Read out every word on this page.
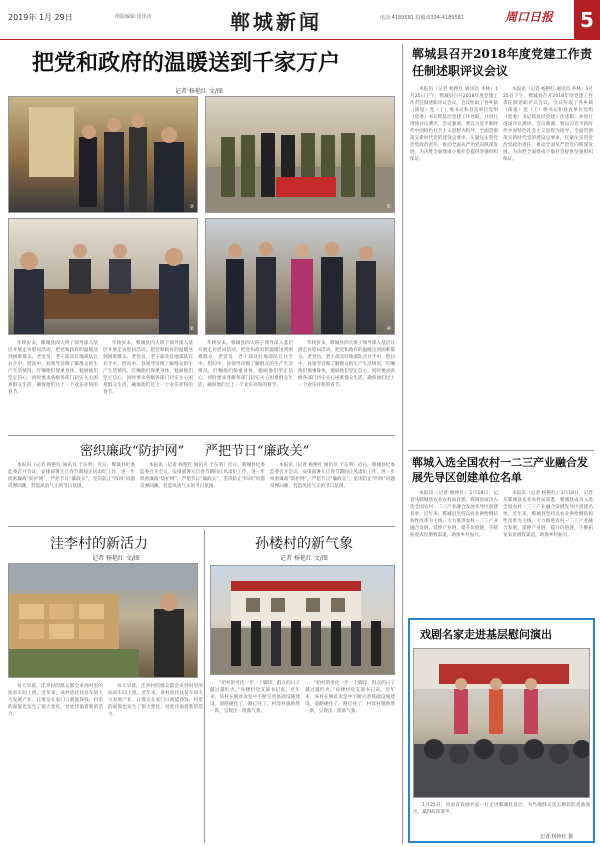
2019年 1月 29日	组版编辑:张伟涛	郸城新闻	电话:4189581 投稿:0394-4189581	周口日报	5
把党和政府的温暖送到千家万户
记者 杨艳红 文/图
③	①
②	④

年终岁末，郸城县四大班子领导深入基层开展走访慰问活动，把党和政府的温暖送到困难群众、老党员、老干部及驻地部队官兵手中。慰问中，县领导详细了解群众的生产生活情况，叮嘱他们保重身体，勉励他们坚定信心，同时要求各级各部门切实关心困难群众生活，确保他们过上一个欢乐祥和的春节。

年终岁末，郸城县四大班子领导深入基层开展走访慰问活动，把党和政府的温暖送到困难群众、老党员、老干部及驻地部队官兵手中。慰问中，县领导详细了解群众的生产生活情况，叮嘱他们保重身体，勉励他们坚定信心，同时要求各级各部门切实关心困难群众生活，确保他们过上一个欢乐祥和的春节。

年终岁末，郸城县四大班子领导深入基层开展走访慰问活动，把党和政府的温暖送到困难群众、老党员、老干部及驻地部队官兵手中。慰问中，县领导详细了解群众的生产生活情况，叮嘱他们保重身体，勉励他们坚定信心，同时要求各级各部门切实关心困难群众生活，确保他们过上一个欢乐祥和的春节。

年终岁末，郸城县四大班子领导深入基层开展走访慰问活动，把党和政府的温暖送到困难群众、老党员、老干部及驻地部队官兵手中。慰问中，县领导详细了解群众的生产生活情况，叮嘱他们保重身体，勉励他们坚定信心，同时要求各级各部门切实关心困难群众生活，确保他们过上一个欢乐祥和的春节。

密织廉政“防护网” 严把节日“廉政关”

本报讯（记者 杨艳红 通讯员 于东明）近日，郸城县纪委监委召开会议，安排部署元旦春节期间正风肃纪工作，进一步织密廉政“防护网”，严把节日“廉政关”，坚决防止“四风”问题反弹回潮，营造风清气正的节日氛围。

本报讯（记者 杨艳红 通讯员 于东明）近日，郸城县纪委监委召开会议，安排部署元旦春节期间正风肃纪工作，进一步织密廉政“防护网”，严把节日“廉政关”，坚决防止“四风”问题反弹回潮，营造风清气正的节日氛围。

本报讯（记者 杨艳红 通讯员 于东明）近日，郸城县纪委监委召开会议，安排部署元旦春节期间正风肃纪工作，进一步织密廉政“防护网”，严把节日“廉政关”，坚决防止“四风”问题反弹回潮，营造风清气正的节日氛围。

洼李村的新活力
记者 杨艳红 文/图

每天早晨，洼李村的群众都会来到村里的扶贫车间上班。近年来，该村依托扶贫车间大力发展产业，让群众在家门口就能挣钱，村里的面貌也发生了很大变化，处处洋溢着新的活力。

每天早晨，洼李村的群众都会来到村里的扶贫车间上班。近年来，该村依托扶贫车间大力发展产业，让群众在家门口就能挣钱，村里的面貌也发生了很大变化，处处洋溢着新的活力。

孙楼村的新气象
记者 杨艳红 文/图

“咱村的变化一步一个脚印，群众的日子越过越红火。”孙楼村党支部书记说。近年来，该村在脱贫攻坚中不断完善基础设施建设，道路硬化了，路灯亮了，村容村貌焕然一新，呈现出一派新气象。

“咱村的变化一步一个脚印，群众的日子越过越红火。”孙楼村党支部书记说。近年来，该村在脱贫攻坚中不断完善基础设施建设，道路硬化了，路灯亮了，村容村貌焕然一新，呈现出一派新气象。

郸城县召开2018年度党建工作责任制述职评议会议

本报讯（记者 杨艳红 通讯员 李林）1月25日下午，郸城县召开2018年度党建工作责任制述职评议会议。会议听取了各乡镇（街道）党（工）委书记和县直单位党组（党委）书记抓基层党建工作述职，并进行现场评议测评。会议强调，要以习近平新时代中国特色社会主义思想为指导，全面贯彻落实新时代党的建设总要求，压紧压实管党治党政治责任，推动全面从严治党向纵深发展，为决胜全面建成小康社会提供坚强组织保证。

本报讯（记者 杨艳红 通讯员 李林）1月25日下午，郸城县召开2018年度党建工作责任制述职评议会议。会议听取了各乡镇（街道）党（工）委书记和县直单位党组（党委）书记抓基层党建工作述职，并进行现场评议测评。会议强调，要以习近平新时代中国特色社会主义思想为指导，全面贯彻落实新时代党的建设总要求，压紧压实管党治党政治责任，推动全面从严治党向纵深发展，为决胜全面建成小康社会提供坚强组织保证。

郸城入选全国农村一二三产业融合发展先导区创建单位名单

本报讯（记者 杨艳红）1月18日，记者从郸城县农业农村局获悉，郸城县成功入选全国农村一二三产业融合发展先导区创建名单。近年来，郸城县坚持以农业供给侧结构性改革为主线，大力推进农村一二三产业融合发展，延伸产业链，提升价值链，不断拓宽农民增收渠道，助推乡村振兴。

本报讯（记者 杨艳红）1月18日，记者从郸城县农业农村局获悉，郸城县成功入选全国农村一二三产业融合发展先导区创建名单。近年来，郸城县坚持以农业供给侧结构性改革为主线，大力推进农村一二三产业融合发展，延伸产业链，提升价值链，不断拓宽农民增收渠道，助推乡村振兴。

戏剧名家走进基层慰问演出

1月25日，河南省戏剧名家一行走进郸城县基层，为当地群众送去精彩的戏曲演出，赢得阵阵掌声。

记者 杨艳红 摄
